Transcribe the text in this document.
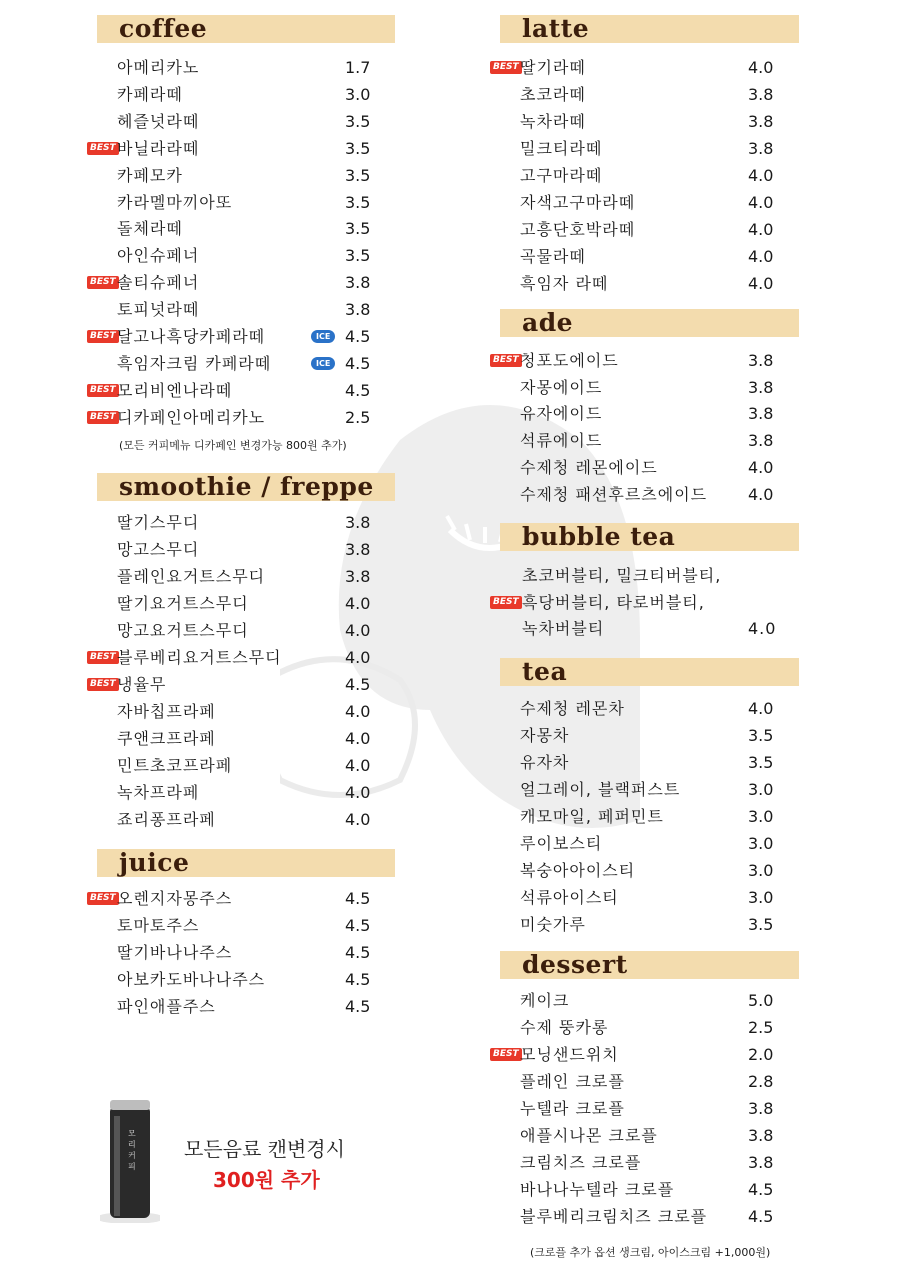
coffee
아메리카노	1.7
카페라떼	3.0
헤즐넛라떼	3.5
BEST 바닐라라떼	3.5
카페모카	3.5
카라멜마끼아또	3.5
돌체라떼	3.5
아인슈페너	3.5
BEST 솔티슈페너	3.8
토피넛라떼	3.8
BEST 달고나흑당카페라떼	ICE 4.5
흑임자크림 카페라떼	ICE 4.5
BEST 모리비엔나라떼	4.5
BEST 디카페인아메리카노	2.5
(모든 커피메뉴 디카페인 변경가능 800원 추가)
smoothie / freppe
딸기스무디	3.8
망고스무디	3.8
플레인요거트스무디	3.8
딸기요거트스무디	4.0
망고요거트스무디	4.0
BEST 블루베리요거트스무디	4.0
BEST 냉율무	4.5
자바칩프라페	4.0
쿠앤크프라페	4.0
민트초코프라페	4.0
녹차프라페	4.0
죠리퐁프라페	4.0
juice
BEST 오렌지자몽주스	4.5
토마토주스	4.5
딸기바나나주스	4.5
아보카도바나나주스	4.5
파인애플주스	4.5
모리커피
모든음료 캔변경시
300원 추가
latte
BEST 딸기라떼	4.0
초코라떼	3.8
녹차라떼	3.8
밀크티라떼	3.8
고구마라떼	4.0
자색고구마라떼	4.0
고흥단호박라떼	4.0
곡물라떼	4.0
흑임자 라떼	4.0
ade
BEST 청포도에이드	3.8
자몽에이드	3.8
유자에이드	3.8
석류에이드	3.8
수제청 레몬에이드	4.0
수제청 패션후르츠에이드	4.0
bubble tea
초코버블티, 밀크티버블티,
흑당버블티, 타로버블티,
BEST
녹차버블티	4.0
tea
수제청 레몬차	4.0
자몽차	3.5
유자차	3.5
얼그레이, 블랙퍼스트	3.0
캐모마일, 페퍼민트	3.0
루이보스티	3.0
복숭아아이스티	3.0
석류아이스티	3.0
미숫가루	3.5
dessert
케이크	5.0
수제 뚱카롱	2.5
BEST 모닝샌드위치	2.0
플레인 크로플	2.8
누텔라 크로플	3.8
애플시나몬 크로플	3.8
크림치즈 크로플	3.8
바나나누텔라 크로플	4.5
블루베리크림치즈 크로플	4.5
(크로플 추가 옵션 생크림, 아이스크림 +1,000원)
